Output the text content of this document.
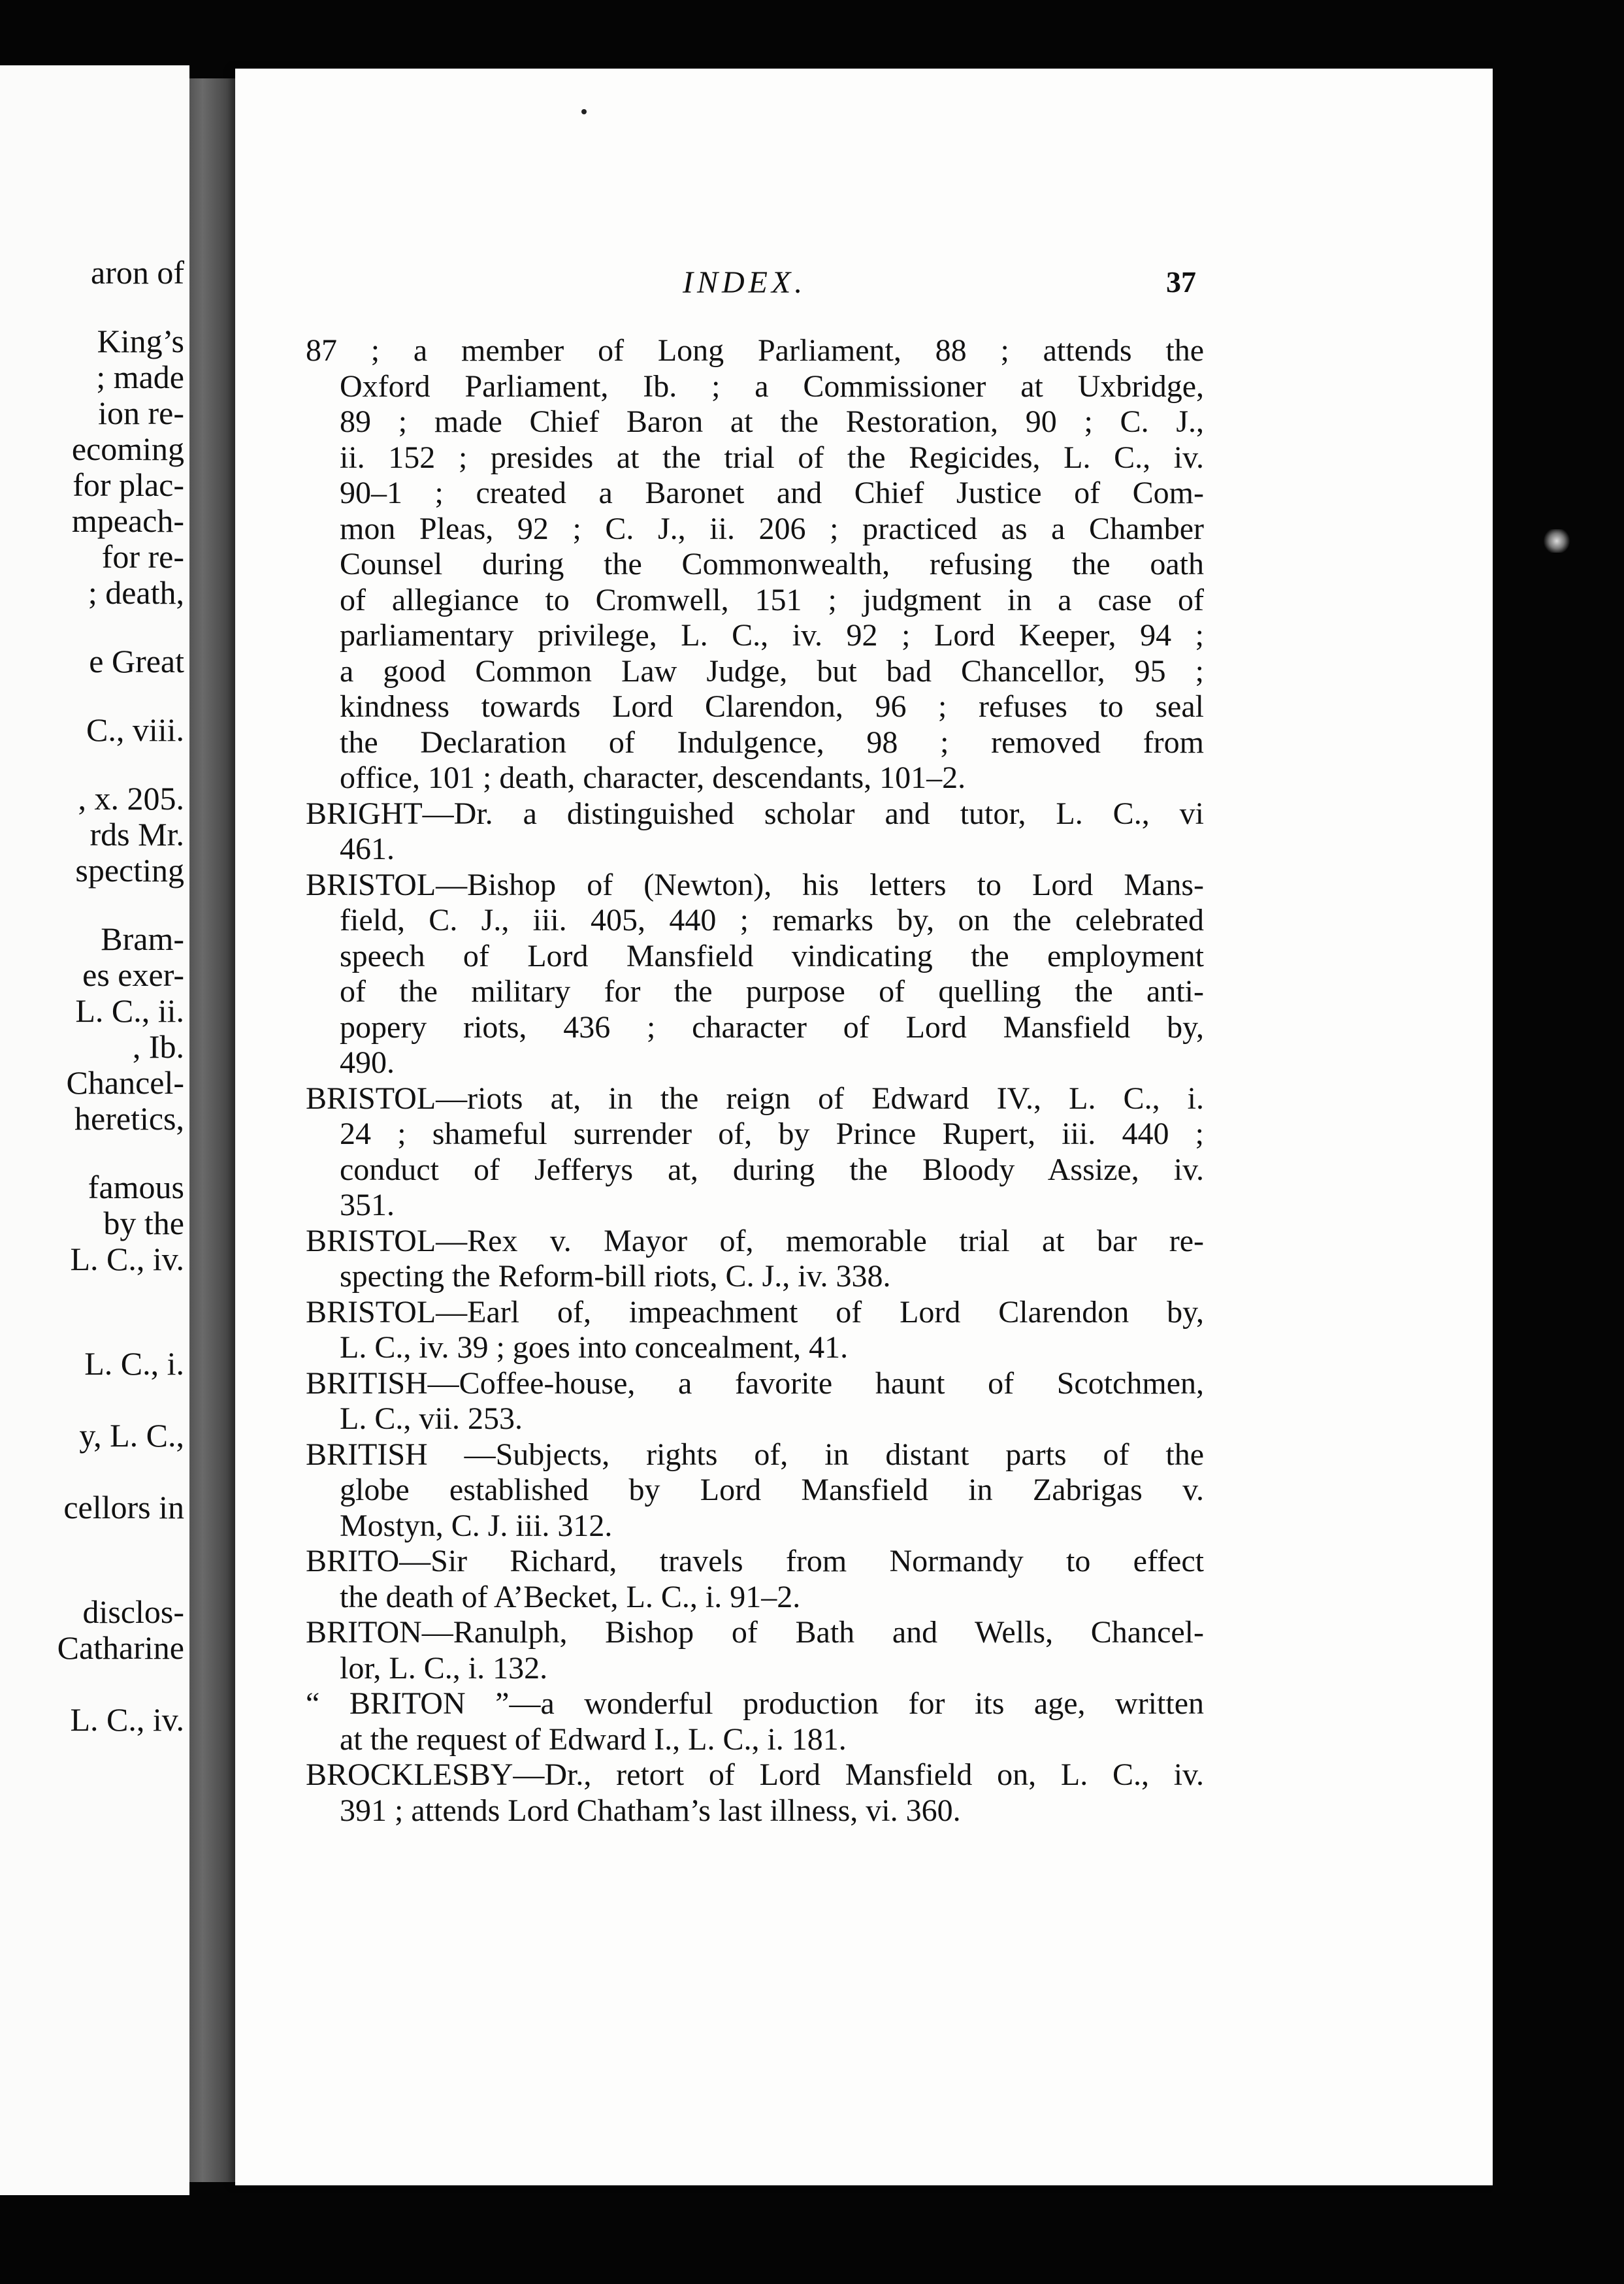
aron of
King’s
; made
ion re-
ecoming
for plac-
mpeach-
for re-
; death,
e Great
C., viii.
, x. 205.
rds Mr.
specting
Bram-
es exer-
L. C., ii.
, Ib.
Chancel-
heretics,
famous
by the
L. C., iv.
L. C., i.
y, L. C.,
cellors in
disclos-
Catharine
L. C., iv.
INDEX.	37
87 ; a member of Long Parliament, 88 ; attends the
Oxford Parliament, Ib. ; a Commissioner at Uxbridge,
89 ; made Chief Baron at the Restoration, 90 ; C. J.,
ii. 152 ; presides at the trial of the Regicides, L. C., iv.
90–1 ; created a Baronet and Chief Justice of Com-
mon Pleas, 92 ; C. J., ii. 206 ; practiced as a Chamber
Counsel during the Commonwealth, refusing the oath
of allegiance to Cromwell, 151 ; judgment in a case of
parliamentary privilege, L. C., iv. 92 ; Lord Keeper, 94 ;
a good Common Law Judge, but bad Chancellor, 95 ;
kindness towards Lord Clarendon, 96 ; refuses to seal
the Declaration of Indulgence, 98 ; removed from
office, 101 ; death, character, descendants, 101–2.
BRIGHT—Dr. a distinguished scholar and tutor, L. C., vi
461.
BRISTOL—Bishop of (Newton), his letters to Lord Mans-
field, C. J., iii. 405, 440 ; remarks by, on the celebrated
speech of Lord Mansfield vindicating the employment
of the military for the purpose of quelling the anti-
popery riots, 436 ; character of Lord Mansfield by,
490.
BRISTOL—riots at, in the reign of Edward IV., L. C., i.
24 ; shameful surrender of, by Prince Rupert, iii. 440 ;
conduct of Jefferys at, during the Bloody Assize, iv.
351.
BRISTOL—Rex v. Mayor of, memorable trial at bar re-
specting the Reform-bill riots, C. J., iv. 338.
BRISTOL—Earl of, impeachment of Lord Clarendon by,
L. C., iv. 39 ; goes into concealment, 41.
BRITISH—Coffee-house, a favorite haunt of Scotchmen,
L. C., vii. 253.
BRITISH —Subjects, rights of, in distant parts of the
globe established by Lord Mansfield in Zabrigas v.
Mostyn, C. J. iii. 312.
BRITO—Sir Richard, travels from Normandy to effect
the death of A’Becket, L. C., i. 91–2.
BRITON—Ranulph, Bishop of Bath and Wells, Chancel-
lor, L. C., i. 132.
“ BRITON ”—a wonderful production for its age, written
at the request of Edward I., L. C., i. 181.
BROCKLESBY—Dr., retort of Lord Mansfield on, L. C., iv.
391 ; attends Lord Chatham’s last illness, vi. 360.
